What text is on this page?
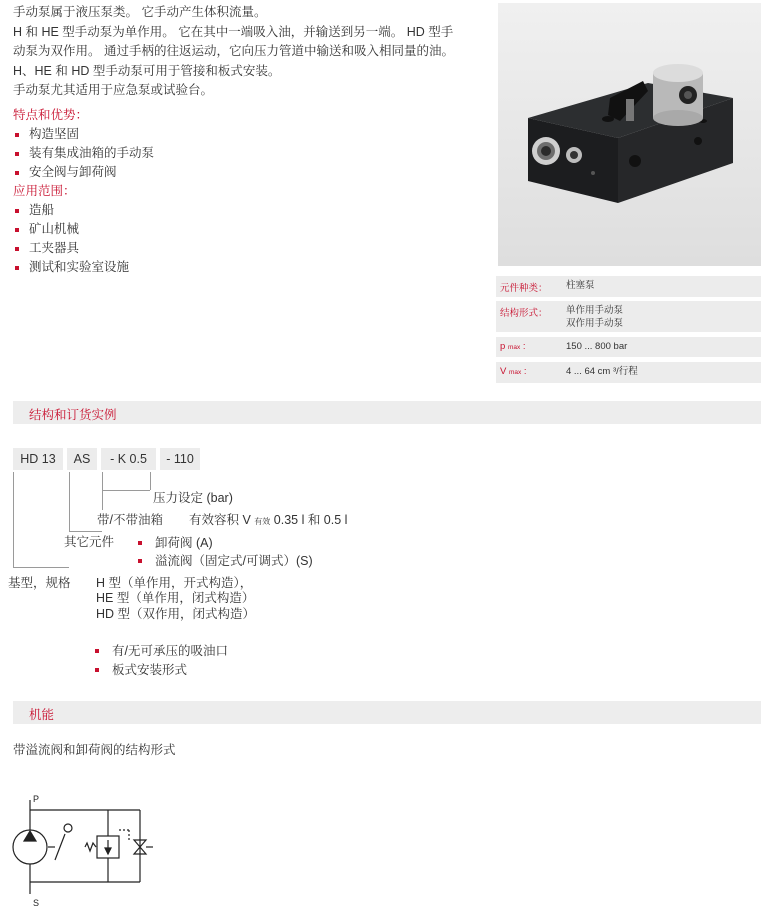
手动泵属于液压泵类。 它手动产生体积流量。

H 和 HE 型手动泵为单作用。 它在其中一端吸入油，并输送到另一端。 HD 型手

动泵为双作用。 通过手柄的往返运动，它向压力管道中输送和吸入相同量的油。

H、HE 和 HD 型手动泵可用于管接和板式安装。

手动泵尤其适用于应急泵或试验台。

特点和优势：
构造坚固
装有集成油箱的手动泵
安全阀与卸荷阀
应用范围：
造船
矿山机械
工夹器具
测试和实验室设施
元件种类： 柱塞泵
结构形式： 单作用手动泵
双作用手动泵
p max :	150 ... 800 bar
V max :	4 ... 64 cm ³/行程
结构和订货实例
HD 13	AS	- K 0.5	- 110
压力设定 (bar)
带/不带油箱 有效容积 V 有效 0.35 l 和 0.5 l
其它元件	卸荷阀 (A)
溢流阀（固定式/可调式）(S)
基型，规格 H 型（单作用，开式构造），
HE 型（单作用，闭式构造）
HD 型（双作用，闭式构造）
有/无可承压的吸油口
板式安装形式
机能
带溢流阀和卸荷阀的结构形式
P
S
